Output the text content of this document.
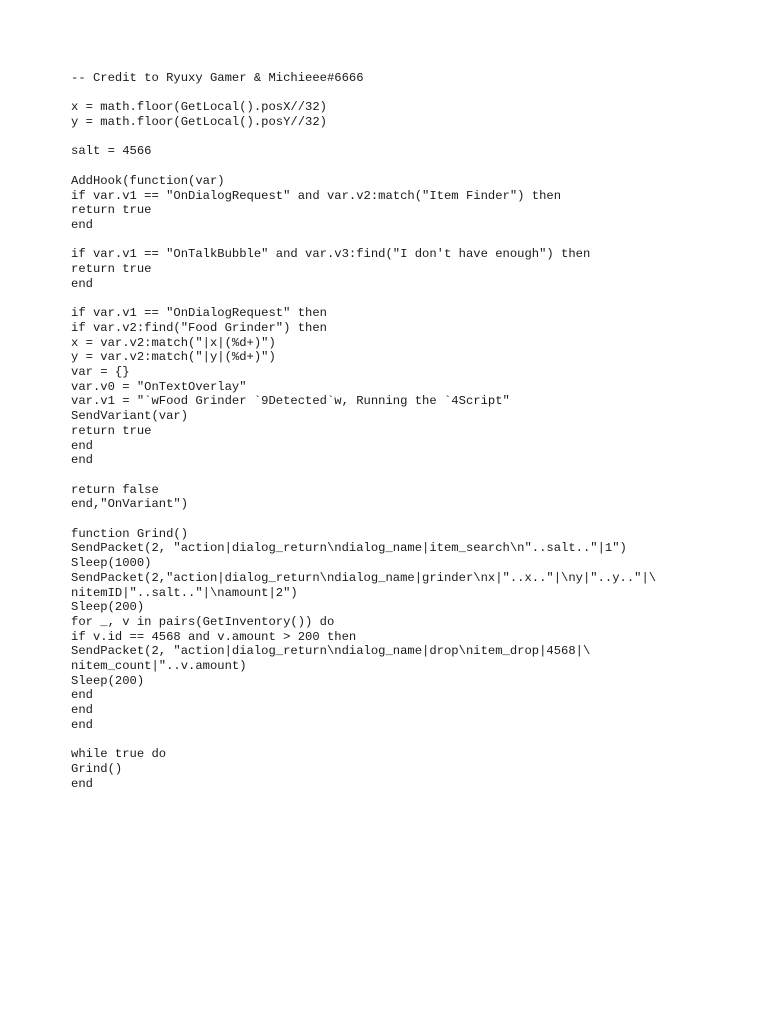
-- Credit to Ryuxy Gamer & Michieee#6666
x = math.floor(GetLocal().posX//32)
y = math.floor(GetLocal().posY//32)
salt = 4566
AddHook(function(var)
if var.v1 == "OnDialogRequest" and var.v2:match("Item Finder") then
return true
end
if var.v1 == "OnTalkBubble" and var.v3:find("I don't have enough") then
return true
end
if var.v1 == "OnDialogRequest" then
if var.v2:find("Food Grinder") then
x = var.v2:match("|x|(%d+)")
y = var.v2:match("|y|(%d+)")
var = {}
var.v0 = "OnTextOverlay"
var.v1 = "`wFood Grinder `9Detected`w, Running the `4Script"
SendVariant(var)
return true
end
end
return false
end,"OnVariant")
function Grind()
SendPacket(2, "action|dialog_return\ndialog_name|item_search\n"..salt.."|1")
Sleep(1000)
SendPacket(2,"action|dialog_return\ndialog_name|grinder\nx|"..x.."|\ny|"..y.."|\
nitemID|"..salt.."|\namount|2")
Sleep(200)
for _, v in pairs(GetInventory()) do
if v.id == 4568 and v.amount > 200 then
SendPacket(2, "action|dialog_return\ndialog_name|drop\nitem_drop|4568|\
nitem_count|"..v.amount)
Sleep(200)
end
end
end
while true do
Grind()
end
